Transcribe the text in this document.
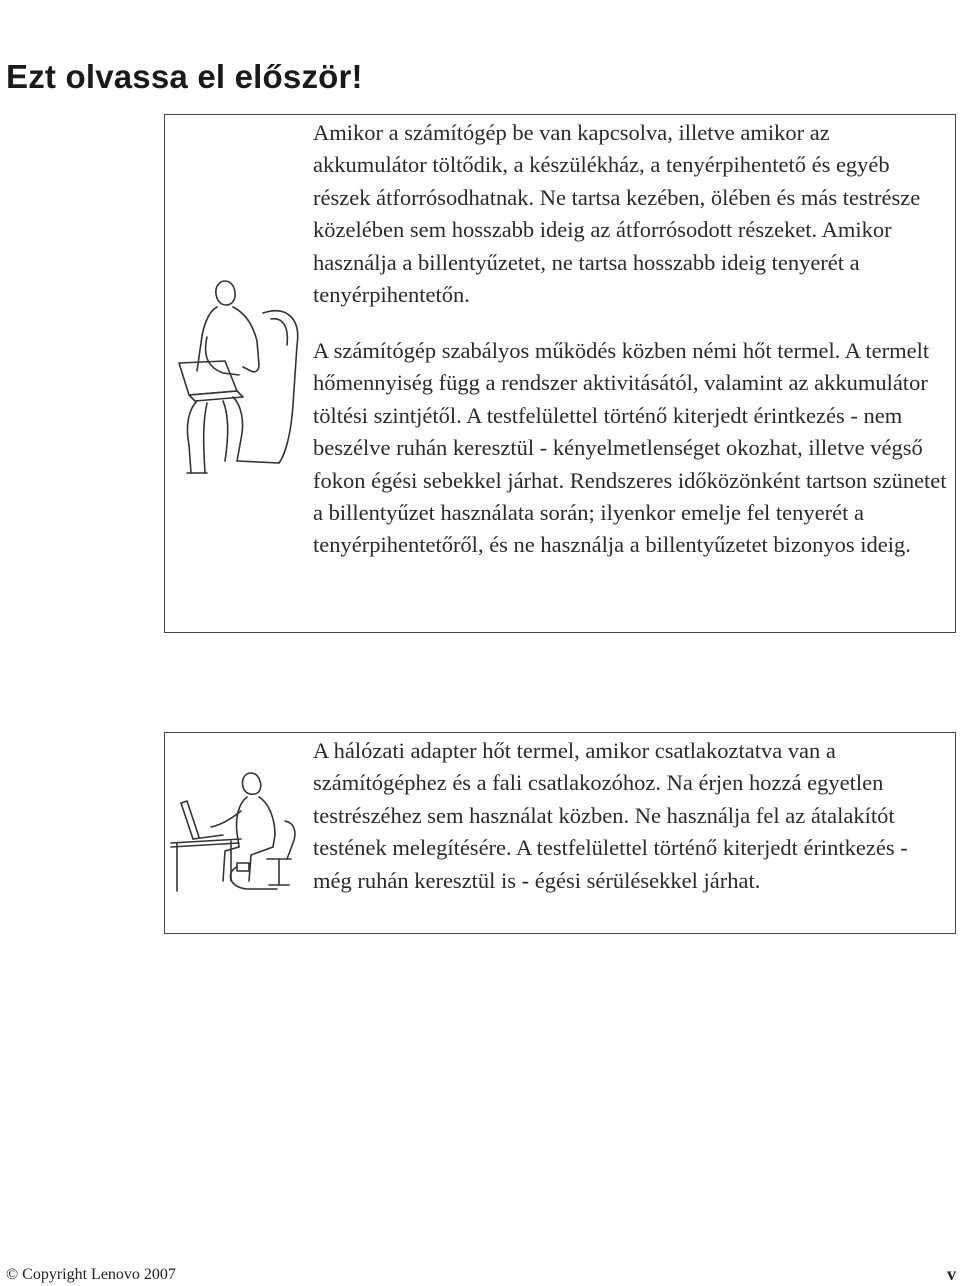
Ezt olvassa el először!

Amikor a számítógép be van kapcsolva, illetve amikor az akkumulátor töltődik, a készülékház, a tenyérpihentető és egyéb részek átforrósodhatnak. Ne tartsa kezében, ölében és más testrésze közelében sem hosszabb ideig az átforrósodott részeket. Amikor használja a billentyűzetet, ne tartsa hosszabb ideig tenyerét a tenyérpihentetőn.

A számítógép szabályos működés közben némi hőt termel. A termelt hőmennyiség függ a rendszer aktivitásától, valamint az akkumulátor töltési szintjétől. A testfelülettel történő kiterjedt érintkezés - nem beszélve ruhán keresztül - kényelmetlenséget okozhat, illetve végső fokon égési sebekkel járhat. Rendszeres időközönként tartson szünetet a billentyűzet használata során; ilyenkor emelje fel tenyerét a tenyérpihentetőről, és ne használja a billentyűzetet bizonyos ideig.

A hálózati adapter hőt termel, amikor csatlakoztatva van a számítógéphez és a fali csatlakozóhoz. Na érjen hozzá egyetlen testrészéhez sem használat közben. Ne használja fel az átalakítót testének melegítésére. A testfelülettel történő kiterjedt érintkezés - még ruhán keresztül is - égési sérülésekkel járhat.

© Copyright Lenovo 2007	v
